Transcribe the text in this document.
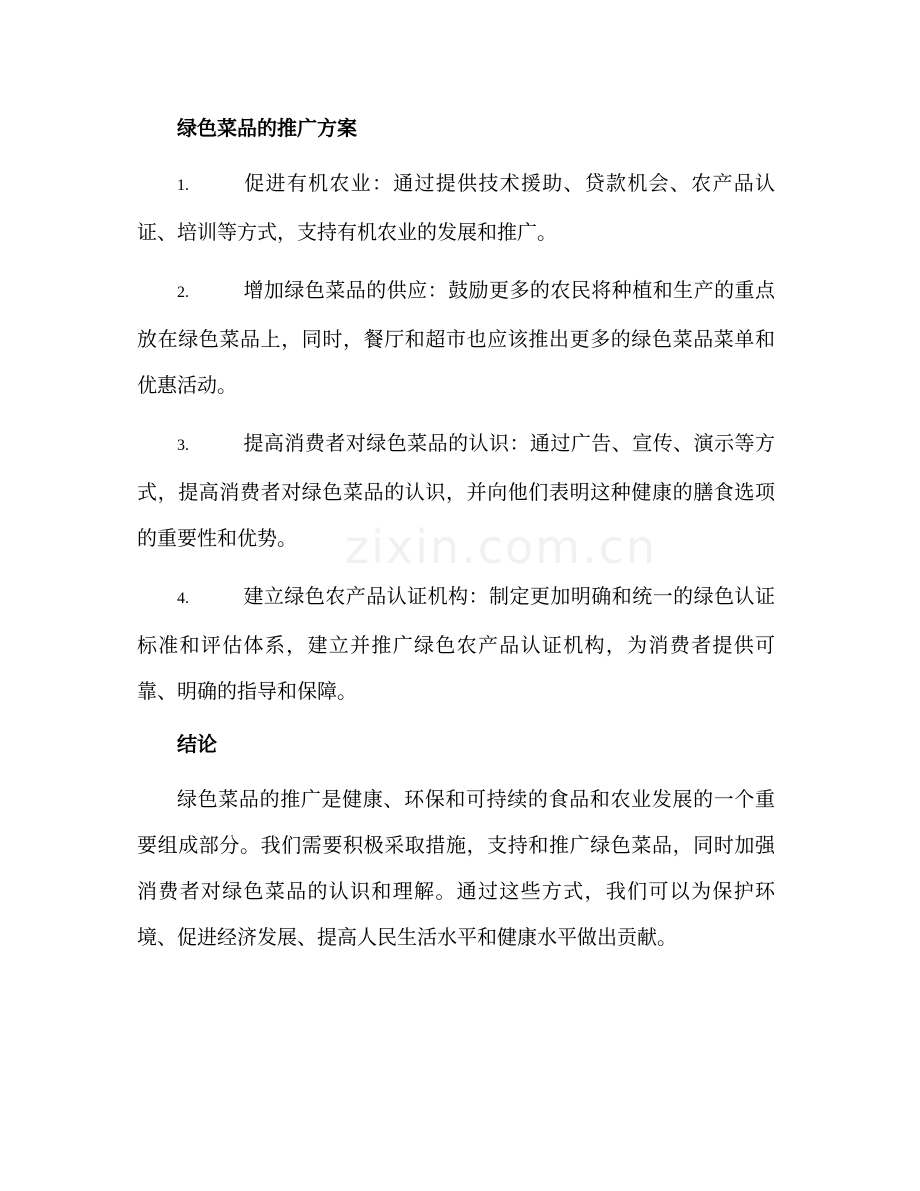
zixin.com.cn

绿色菜品的推广方案

1.	促进有机农业：通过提供技术援助、贷款机会、农产品认证、培训等方式，支持有机农业的发展和推广。

2.	增加绿色菜品的供应：鼓励更多的农民将种植和生产的重点放在绿色菜品上，同时，餐厅和超市也应该推出更多的绿色菜品菜单和优惠活动。

3.	提高消费者对绿色菜品的认识：通过广告、宣传、演示等方式，提高消费者对绿色菜品的认识，并向他们表明这种健康的膳食选项的重要性和优势。

4.	建立绿色农产品认证机构：制定更加明确和统一的绿色认证标准和评估体系，建立并推广绿色农产品认证机构，为消费者提供可靠、明确的指导和保障。

结论

绿色菜品的推广是健康、环保和可持续的食品和农业发展的一个重要组成部分。我们需要积极采取措施，支持和推广绿色菜品，同时加强消费者对绿色菜品的认识和理解。通过这些方式，我们可以为保护环境、促进经济发展、提高人民生活水平和健康水平做出贡献。
